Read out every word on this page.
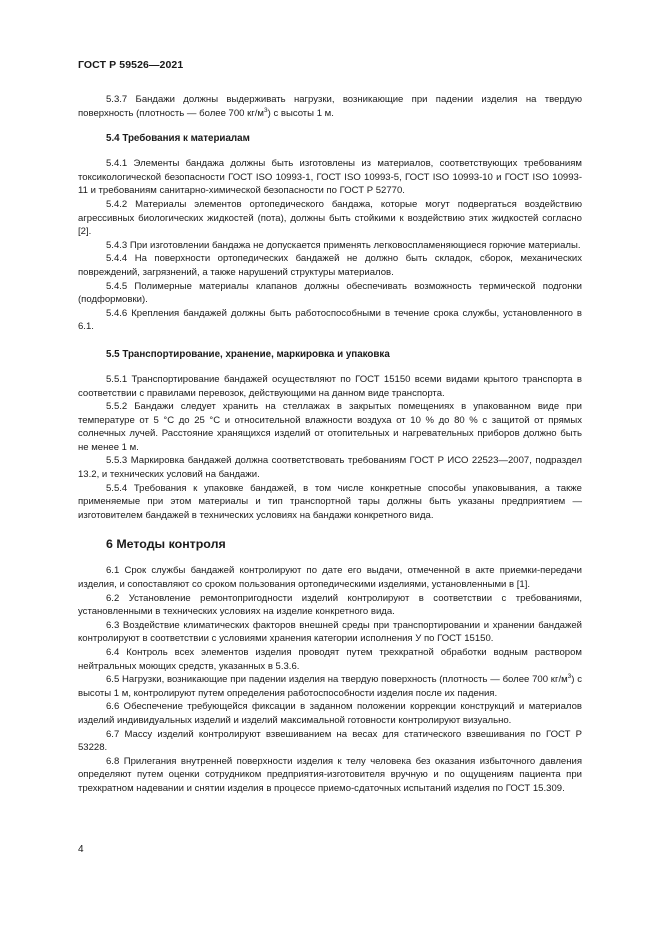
ГОСТ Р 59526—2021

5.3.7 Бандажи должны выдерживать нагрузки, возникающие при падении изделия на твердую поверхность (плотность — более 700 $кг/м^3$) с высоты 1 м.

5.4 Требования к материалам

5.4.1 Элементы бандажа должны быть изготовлены из материалов, соответствующих требованиям токсикологической безопасности ГОСТ ISO 10993-1, ГОСТ ISO 10993-5, ГОСТ ISO 10993-10 и ГОСТ ISO 10993-11 и требованиям санитарно-химической безопасности по ГОСТ Р 52770.

5.4.2 Материалы элементов ортопедического бандажа, которые могут подвергаться воздействию агрессивных биологических жидкостей (пота), должны быть стойкими к воздействию этих жидкостей согласно [2].

5.4.3 При изготовлении бандажа не допускается применять легковоспламеняющиеся горючие материалы.

5.4.4 На поверхности ортопедических бандажей не должно быть складок, сборок, механических повреждений, загрязнений, а также нарушений структуры материалов.

5.4.5 Полимерные материалы клапанов должны обеспечивать возможность термической подгонки (подформовки).

5.4.6 Крепления бандажей должны быть работоспособными в течение срока службы, установленного в 6.1.

5.5 Транспортирование, хранение, маркировка и упаковка

5.5.1 Транспортирование бандажей осуществляют по ГОСТ 15150 всеми видами крытого транспорта в соответствии с правилами перевозок, действующими на данном виде транспорта.

5.5.2 Бандажи следует хранить на стеллажах в закрытых помещениях в упакованном виде при температуре от 5 °С до 25 °С и относительной влажности воздуха от 10 % до 80 % с защитой от прямых солнечных лучей. Расстояние хранящихся изделий от отопительных и нагревательных приборов должно быть не менее 1 м.

5.5.3 Маркировка бандажей должна соответствовать требованиям ГОСТ Р ИСО 22523—2007, подраздел 13.2, и технических условий на бандажи.

5.5.4 Требования к упаковке бандажей, в том числе конкретные способы упаковывания, а также применяемые при этом материалы и тип транспортной тары должны быть указаны предприятием — изготовителем бандажей в технических условиях на бандажи конкретного вида.

6 Методы контроля

6.1 Срок службы бандажей контролируют по дате его выдачи, отмеченной в акте приемки-передачи изделия, и сопоставляют со сроком пользования ортопедическими изделиями, установленными в [1].

6.2 Установление ремонтопригодности изделий контролируют в соответствии с требованиями, установленными в технических условиях на изделие конкретного вида.

6.3 Воздействие климатических факторов внешней среды при транспортировании и хранении бандажей контролируют в соответствии с условиями хранения категории исполнения У по ГОСТ 15150.

6.4 Контроль всех элементов изделия проводят путем трехкратной обработки водным раствором нейтральных моющих средств, указанных в 5.3.6.

6.5 Нагрузки, возникающие при падении изделия на твердую поверхность (плотность — более 700 $кг/м^3$) с высоты 1 м, контролируют путем определения работоспособности изделия после их падения.

6.6 Обеспечение требующейся фиксации в заданном положении коррекции конструкций и материалов изделий индивидуальных изделий и изделий максимальной готовности контролируют визуально.

6.7 Массу изделий контролируют взвешиванием на весах для статического взвешивания по ГОСТ Р 53228.

6.8 Прилегания внутренней поверхности изделия к телу человека без оказания избыточного давления определяют путем оценки сотрудником предприятия-изготовителя вручную и по ощущениям пациента при трехкратном надевании и снятии изделия в процессе приемо-сдаточных испытаний изделия по ГОСТ 15.309.

4
